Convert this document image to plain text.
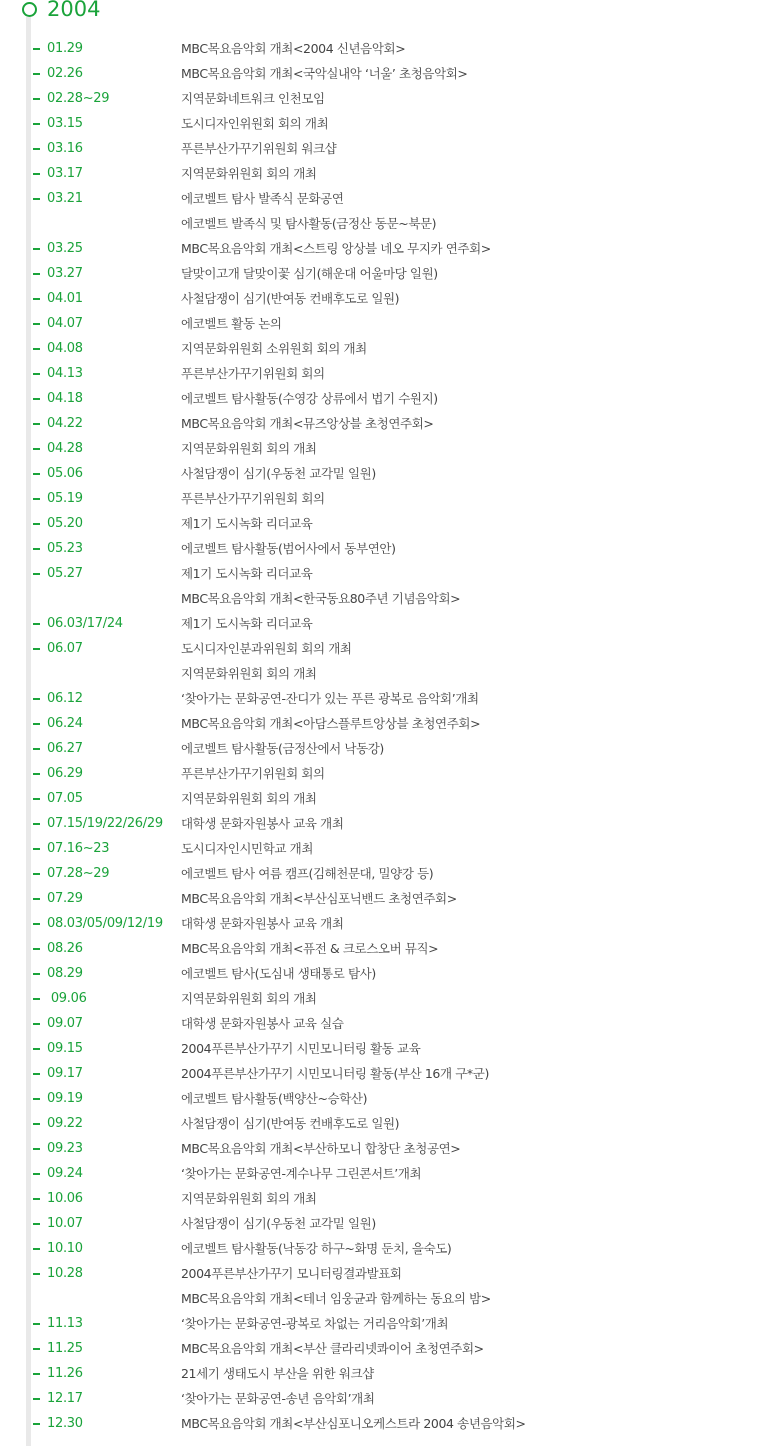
2004
01.29	MBC목요음악회 개최<2004 신년음악회>
02.26	MBC목요음악회 개최<국악실내악 ‘너울’ 초청음악회>
02.28~29	지역문화네트워크 인천모임
03.15	도시디자인위원회 회의 개최
03.16	푸른부산가꾸기위원회 워크샵
03.17	지역문화위원회 회의 개최
03.21	에코벨트 탐사 발족식 문화공연
에코벨트 발족식 및 탐사활동(금정산 동문~북문)
03.25	MBC목요음악회 개최<스트링 앙상블 네오 무지카 연주회>
03.27	달맞이고개 달맞이꽃 심기(해운대 어울마당 일원)
04.01	사철담쟁이 심기(반여동 컨배후도로 일원)
04.07	에코벨트 활동 논의
04.08	지역문화위원회 소위원회 회의 개최
04.13	푸른부산가꾸기위원회 회의
04.18	에코벨트 탐사활동(수영강 상류에서 법기 수원지)
04.22	MBC목요음악회 개최<뮤즈앙상블 초청연주회>
04.28	지역문화위원회 회의 개최
05.06	사철담쟁이 심기(우동천 교각밑 일원)
05.19	푸른부산가꾸기위원회 회의
05.20	제1기 도시녹화 리더교육
05.23	에코벨트 탐사활동(범어사에서 동부연안)
05.27	제1기 도시녹화 리더교육
MBC목요음악회 개최<한국동요80주년 기념음악회>
06.03/17/24	제1기 도시녹화 리더교육
06.07	도시디자인분과위원회 회의 개최
지역문화위원회 회의 개최
06.12	‘찾아가는 문화공연-잔디가 있는 푸른 광복로 음악회’개최
06.24	MBC목요음악회 개최<아담스플루트앙상블 초청연주회>
06.27	에코벨트 탐사활동(금정산에서 낙동강)
06.29	푸른부산가꾸기위원회 회의
07.05	지역문화위원회 회의 개최
07.15/19/22/26/29 대학생 문화자원봉사 교육 개최
07.16~23	도시디자인시민학교 개최
07.28~29	에코벨트 탐사 여름 캠프(김해천문대, 밀양강 등)
07.29	MBC목요음악회 개최<부산심포닉밴드 초청연주회>
08.03/05/09/12/19 대학생 문화자원봉사 교육 개최
08.26	MBC목요음악회 개최<퓨전 & 크로스오버 뮤직>
08.29	에코벨트 탐사(도심내 생태통로 탐사)
09.06	지역문화위원회 회의 개최
09.07	대학생 문화자원봉사 교육 실습
09.15	2004푸른부산가꾸기 시민모니터링 활동 교육
09.17	2004푸른부산가꾸기 시민모니터링 활동(부산 16개 구*군)
09.19	에코벨트 탐사활동(백양산~승학산)
09.22	사철담쟁이 심기(반여동 컨배후도로 일원)
09.23	MBC목요음악회 개최<부산하모니 합창단 초청공연>
09.24	‘찾아가는 문화공연-계수나무 그린콘서트’개최
10.06	지역문화위원회 회의 개최
10.07	사철담쟁이 심기(우동천 교각밑 일원)
10.10	에코벨트 탐사활동(낙동강 하구~화명 둔치, 을숙도)
10.28	2004푸른부산가꾸기 모니터링결과발표회
MBC목요음악회 개최<테너 임웅균과 함께하는 동요의 밤>
11.13	‘찾아가는 문화공연-광복로 차없는 거리음악회’개최
11.25	MBC목요음악회 개최<부산 클라리넷콰이어 초청연주회>
11.26	21세기 생태도시 부산을 위한 워크샵
12.17	‘찾아가는 문화공연-송년 음악회’개최
12.30	MBC목요음악회 개최<부산심포니오케스트라 2004 송년음악회>
